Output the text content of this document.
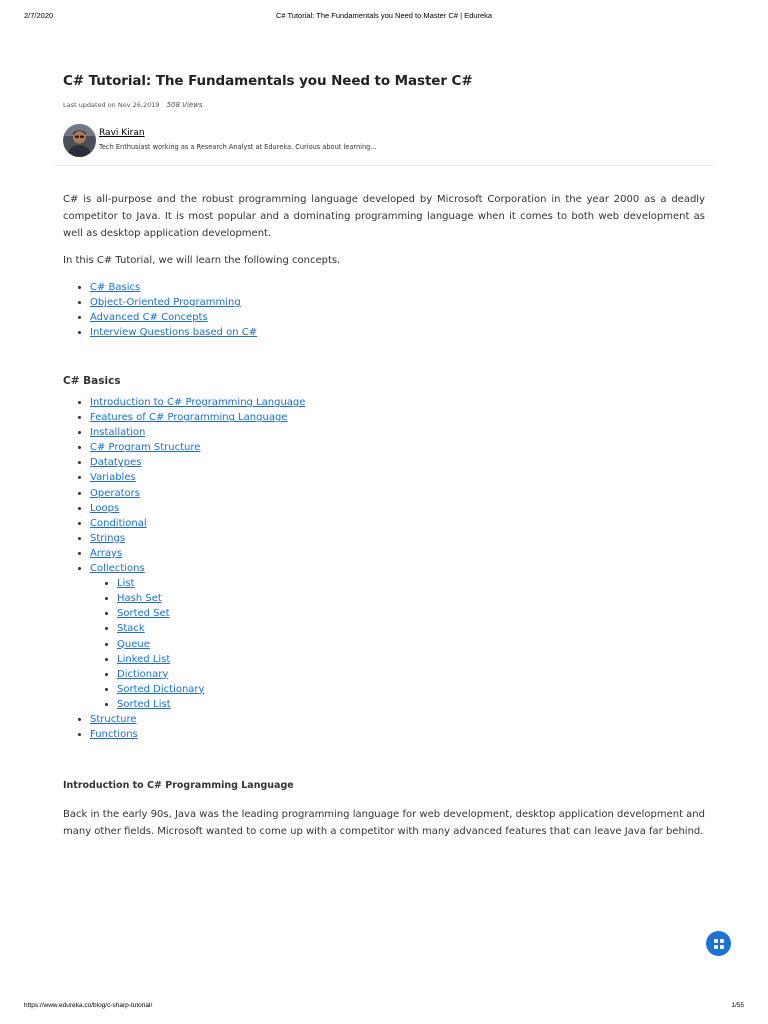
2/7/2020	C# Tutorial: The Fundamentals you Need to Master C# | Edureka
C# Tutorial: The Fundamentals you Need to Master C#
Last updated on Nov 26,2019 508 Views
Ravi Kiran
Tech Enthusiast working as a Research Analyst at Edureka. Curious about learning...

C# is all-purpose and the robust programming language developed by Microsoft Corporation in the year 2000 as a deadly competitor to Java. It is most popular and a dominating programming language when it comes to both web development as well as desktop application development.

In this C# Tutorial, we will learn the following concepts.

• C# Basics
• Object-Oriented Programming
• Advanced C# Concepts
• Interview Questions based on C#
C# Basics
• Introduction to C# Programming Language
• Features of C# Programming Language
• Installation
• C# Program Structure
• Datatypes
• Variables
• Operators
• Loops
• Conditional
• Strings
• Arrays
• Collections
• List
• Hash Set
• Sorted Set
• Stack
• Queue
• Linked List
• Dictionary
• Sorted Dictionary
• Sorted List
• Structure
• Functions
Introduction to C# Programming Language

Back in the early 90s, Java was the leading programming language for web development, desktop application development and many other fields. Microsoft wanted to come up with a competitor with many advanced features that can leave Java far behind.

https://www.edureka.co/blog/c-sharp-tutorial/	1/55
